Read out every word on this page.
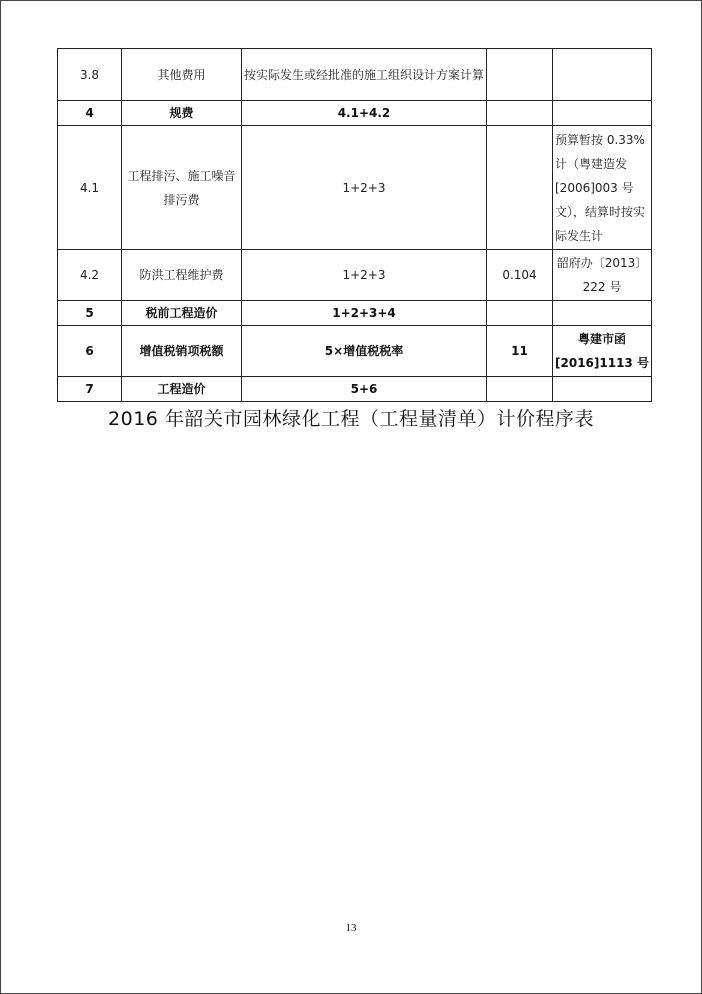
3.8	其他费用	按实际发生或经批准的施工组织设计方案计算		
4	规费	4.1+4.2		
4.1	工程排污、施工噪音排污费	1+2+3		预算暂按 0.33%计（粤建造发[2006]003 号文），结算时按实际发生计
4.2	防洪工程维护费	1+2+3	0.104	韶府办〔2013〕222 号
5	税前工程造价	1+2+3+4		
6	增值税销项税额	5×增值税税率	11	粤建市函[2016]1113 号
7	工程造价	5+6		
2016 年韶关市园林绿化工程（工程量清单）计价程序表
13
